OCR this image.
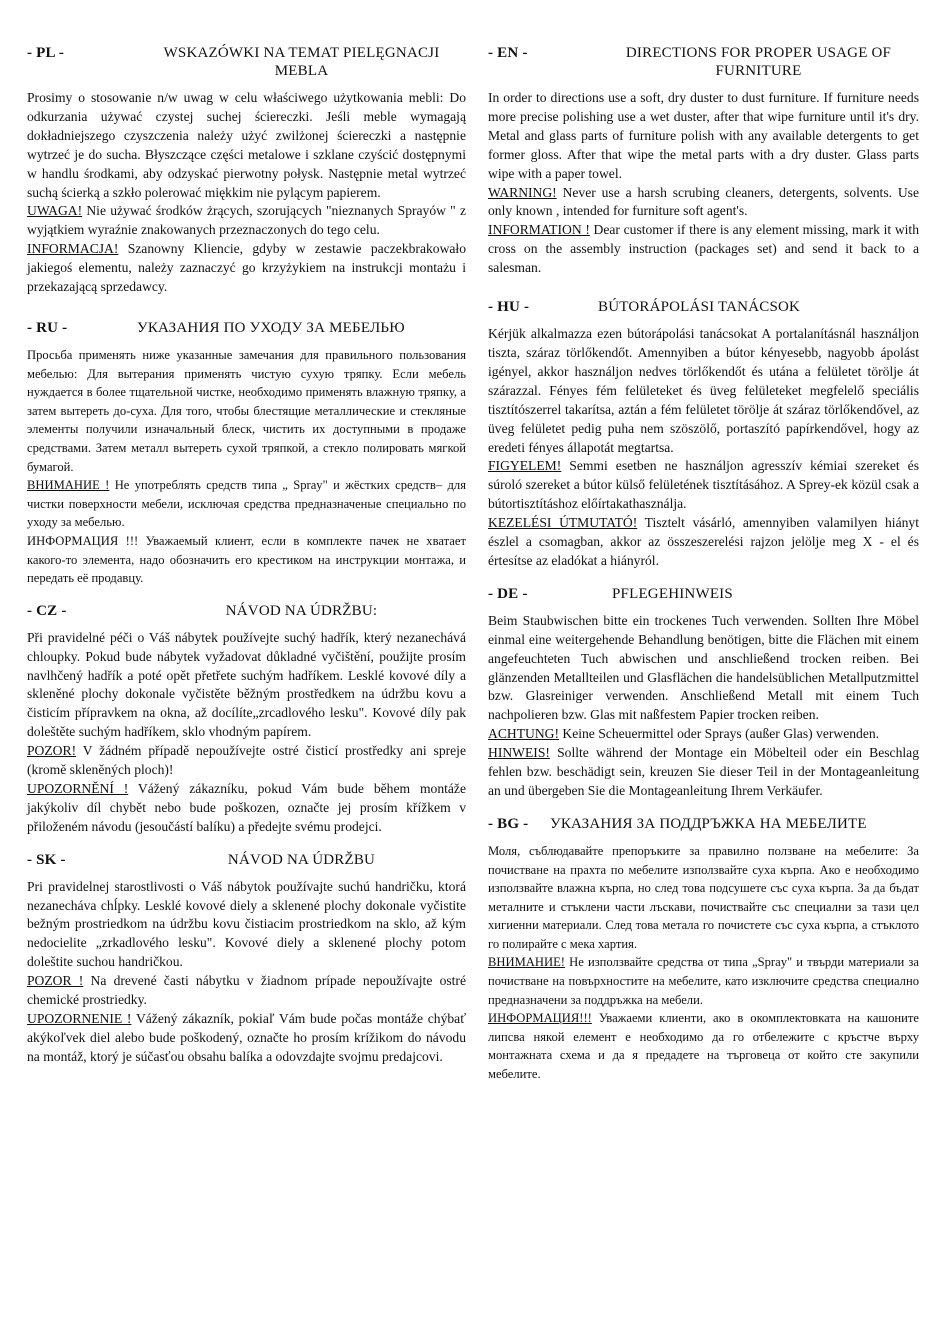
- PL -	WSKAZÓWKI NA TEMAT PIELĘGNACJI MEBLA

Prosimy o stosowanie n/w uwag w celu właściwego użytkowania mebli: Do odkurzania używać czystej suchej ściereczki. Jeśli meble wymagają dokładniejszego czyszczenia należy użyć zwilżonej ściereczki a następnie wytrzeć je do sucha. Błyszczące części metalowe i szklane czyścić dostępnymi w handlu środkami, aby odzyskać pierwotny połysk. Następnie metal wytrzeć suchą ścierką a szkło polerować miękkim nie pylącym papierem.
UWAGA! Nie używać środków żrących, szorujących "nieznanych Sprayów " z wyjątkiem wyraźnie znakowanych przeznaczonych do tego celu.
INFORMACJA! Szanowny Kliencie, gdyby w zestawie paczekbrakowało jakiegoś elementu, należy zaznaczyć go krzyżykiem na instrukcji montażu i przekazającą sprzedawcy.

- RU -	УКАЗАНИЯ ПО УХОДУ ЗА МЕБЕЛЬЮ

Просьба применять ниже указанные замечания для правильного пользования мебелью: Для вытерания применять чистую сухую тряпку. Если мебель нуждается в более тщательной чистке, необходимо применять влажную тряпку, а затем вытереть до-суха. Для того, чтобы блестящие металлические и стекляные элементы получили изначальный блеск, чистить их доступными в продаже средствами. Затем металл вытереть сухой тряпкой, а стекло полировать мягкой бумагой.
ВНИМАНИЕ ! Не употреблять средств типа „ Spray" и жёстких средств– для чистки поверхности мебели, исключая средства предназначеные специально по уходу за мебелью.
ИНФОРМАЦИЯ !!! Уважаемый клиент, если в комплекте пачек не хватает какого-то элемента, надо обозначить его крестиком на инструкции монтажа, и передать её продавцу.

- CZ -	NÁVOD NA ÚDRŽBU:

Při pravidelné péči o Váš nábytek používejte suchý hadřík, který nezanechává chloupky. Pokud bude nábytek vyžadovat důkladné vyčištění, použijte prosím navlhčený hadřík a poté opět přetřete suchým hadříkem. Lesklé kovové díly a skleněné plochy dokonale vyčistěte běžným prostředkem na údržbu kovu a čisticím přípravkem na okna, až docílíte„zrcadlového lesku". Kovové díly pak doleštěte suchým hadříkem, sklo vhodným papírem.
POZOR! V žádném případě nepoužívejte ostré čisticí prostředky ani spreje (kromě skleněných ploch)!
UPOZORNĚNÍ ! Vážený zákazníku, pokud Vám bude během montáže jakýkoliv díl chybět nebo bude poškozen, označte jej prosím křížkem v přiloženém návodu (jesoučástí balíku) a předejte svému prodejci.

- SK -	NÁVOD NA ÚDRŽBU

Pri pravidelnej starostlivosti o Váš nábytok používajte suchú handričku, ktorá nezanecháva chĺpky. Lesklé kovové diely a sklenené plochy dokonale vyčistite bežným prostriedkom na údržbu kovu čistiacim prostriedkom na sklo, až kým nedocielite „zrkadlového lesku". Kovové diely a sklenené plochy potom doleštite suchou handričkou.
POZOR ! Na drevené časti nábytku v žiadnom prípade nepoužívajte ostré chemické prostriedky.
UPOZORNENIE ! Vážený zákazník, pokiaľ Vám bude počas montáže chýbať akýkoľvek diel alebo bude poškodený, označte ho prosím krížikom do návodu na montáž, ktorý je súčasťou obsahu balíka a odovzdajte svojmu predajcovi.

- EN -	DIRECTIONS FOR PROPER USAGE OF FURNITURE

In order to directions use a soft, dry duster to dust furniture. If furniture needs more precise polishing use a wet duster, after that wipe furniture until it's dry. Metal and glass parts of furniture polish with any available detergents to get former gloss. After that wipe the metal parts with a dry duster. Glass parts wipe with a paper towel.
WARNING! Never use a harsh scrubing cleaners, detergents, solvents. Use only known , intended for furniture soft agent's.
INFORMATION ! Dear customer if there is any element missing, mark it with cross on the assembly instruction (packages set) and send it back to a salesman.

- HU -	BÚTORÁPOLÁSI TANÁCSOK

Kérjük alkalmazza ezen bútorápolási tanácsokat A portalanításnál használjon tiszta, száraz törlőkendőt. Amennyiben a bútor kényesebb, nagyobb ápolást igényel, akkor használjon nedves törlőkendőt és utána a felületet törölje át szárazzal. Fényes fém felületeket és üveg felületeket megfelelő speciális tisztítószerrel takarítsa, aztán a fém felületet törölje át száraz törlőkendővel, az üveg felületet pedig puha nem szöszölő, portaszító papírkendővel, hogy az eredeti fényes állapotát megtartsa.
FIGYELEM! Semmi esetben ne használjon agresszív kémiai szereket és súroló szereket a bútor külső felületének tisztításához. A Sprey-ek közül csak a bútortisztításhoz előírtakathasználja.
KEZELÉSI ÚTMUTATÓ! Tisztelt vásárló, amennyiben valamilyen hiányt észlel a csomagban, akkor az összeszerelési rajzon jelölje meg X - el és értesítse az eladókat a hiányról.

- DE -	PFLEGEHINWEIS

Beim Staubwischen bitte ein trockenes Tuch verwenden. Sollten Ihre Möbel einmal eine weitergehende Behandlung benötigen, bitte die Flächen mit einem angefeuchteten Tuch abwischen und anschließend trocken reiben. Bei glänzenden Metallteilen und Glasflächen die handelsüblichen Metallputzmittel bzw. Glasreiniger verwenden. Anschließend Metall mit einem Tuch nachpolieren bzw. Glas mit naßfestem Papier trocken reiben.
ACHTUNG! Keine Scheuermittel oder Sprays (außer Glas) verwenden.
HINWEIS! Sollte während der Montage ein Möbelteil oder ein Beschlag fehlen bzw. beschädigt sein, kreuzen Sie dieser Teil in der Montageanleitung an und übergeben Sie die Montageanleitung Ihrem Verkäufer.

- BG -	УКАЗАНИЯ ЗА ПОДДРЪЖКА НА МЕБЕЛИТЕ

Моля, съблюдавайте препоръките за правилно ползване на мебелите: За почистване на прахта по мебелите използвайте суха кърпа. Ако е необходимо използвайте влажна кърпа, но след това подсушете със суха кърпа. За да бъдат металните и стъклени части лъскави, почиствайте със специални за тази цел хигиенни материали. След това метала го почистете със суха кърпа, а стъклото го полирайте с мека хартия.
ВНИМАНИЕ! Не използвайте средства от типа „Spray" и твърди материали за почистване на повърхностите на мебелите, като изключите средства специално предназначени за поддръжка на мебели.
ИНФОРМАЦИЯ!!! Уважаеми клиенти, ако в окомплектовката на кашоните липсва някой елемент е необходимо да го отбележите с кръстче върху монтажната схема и да я предадете на търговеца от който сте закупили мебелите.
